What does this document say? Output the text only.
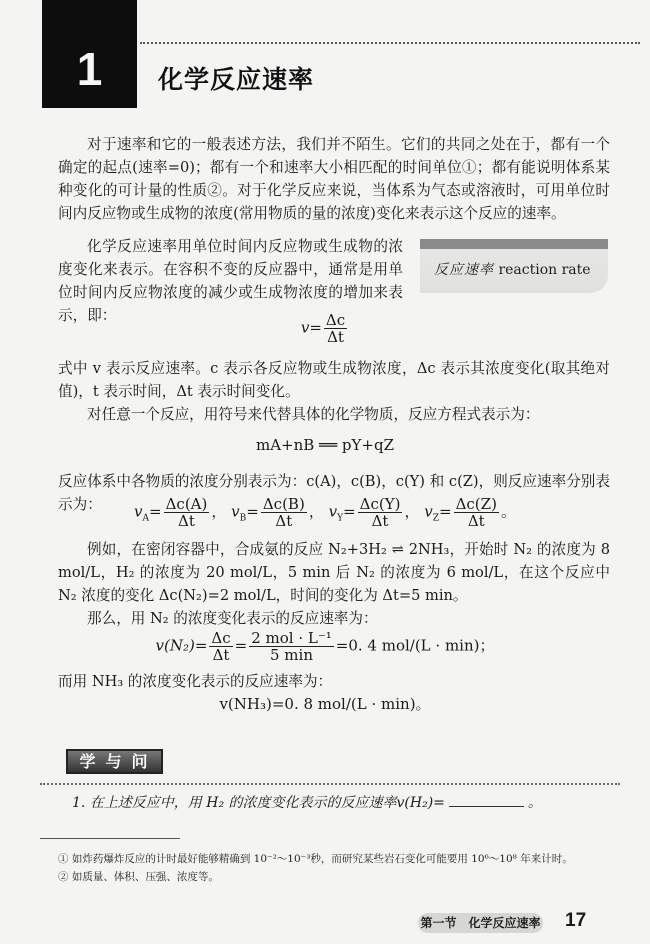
1	化学反应速率

对于速率和它的一般表述方法，我们并不陌生。它们的共同之处在于，都有一个确定的起点(速率=0)；都有一个和速率大小相匹配的时间单位①；都有能说明体系某种变化的可计量的性质②。对于化学反应来说，当体系为气态或溶液时，可用单位时间内反应物或生成物的浓度(常用物质的量的浓度)变化来表示这个反应的速率。

化学反应速率用单位时间内反应物或生成物的浓度变化来表示。在容积不变的反应器中，通常是用单位时间内反应物浓度的减少或生成物浓度的增加来表示，即：

反应速率 reaction rate
$v= \frac{\Delta c}{\Delta t}$

式中 v 表示反应速率。c 表示各反应物或生成物浓度，Δc 表示其浓度变化(取其绝对值)，t 表示时间，Δt 表示时间变化。

对任意一个反应，用符号来代替具体的化学物质，反应方程式表示为：

mA+nB ══ pY+qZ

反应体系中各物质的浓度分别表示为：c(A)，c(B)，c(Y) 和 c(Z)，则反应速率分别表示为：	$v_A= \frac{\Delta c(A)}{\Delta t}$ ， $v_B= \frac{\Delta c(B)}{\Delta t}$ ， $v_Y= \frac{\Delta c(Y)}{\Delta t}$ ， $v_Z= \frac{\Delta c(Z)}{\Delta t}$ 。

例如，在密闭容器中，合成氨的反应 N₂+3H₂ ⇌ 2NH₃，开始时 N₂ 的浓度为 8 mol/L，H₂ 的浓度为 20 mol/L，5 min 后 N₂ 的浓度为 6 mol/L，在这个反应中 N₂ 浓度的变化 Δc(N₂)=2 mol/L，时间的变化为 Δt=5 min。

那么，用 N₂ 的浓度变化表示的反应速率为：

$v(N_2)= \frac{\Delta c}{\Delta t} = \frac{\text{2 mol · L⁻¹}}{5 \min} =0$. 4 mol/(L · min)；

而用 NH₃ 的浓度变化表示的反应速率为：

v(NH₃)=0. 8 mol/(L · min)。
学与问
1. 在上述反应中，用 H₂ 的浓度变化表示的反应速率v(H₂)=	。
① 如炸药爆炸反应的计时最好能够精确到 10⁻²～10⁻³秒，而研究某些岩石变化可能要用 10⁶～10⁸ 年来计时。
② 如质量、体积、压强、浓度等。
第一节　化学反应速率 17
